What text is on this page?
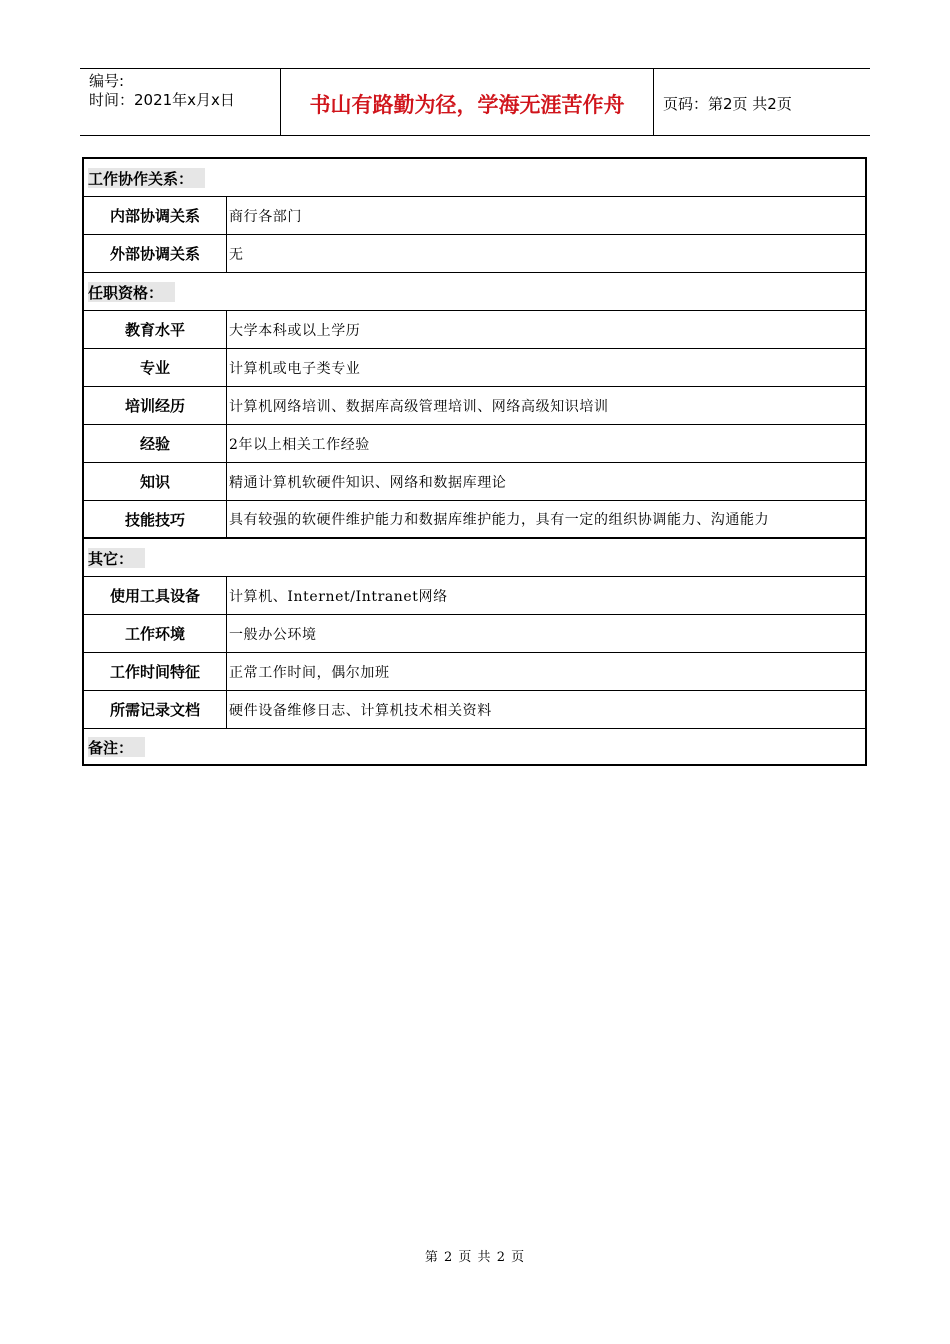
编号:
时间：2021年x月x日	书山有路勤为径，学海无涯苦作舟	页码：第2页 共2页
工作协作关系：
内部协调关系	商行各部门
外部协调关系	无
任职资格：
教育水平	大学本科或以上学历
专业	计算机或电子类专业
培训经历	计算机网络培训、数据库高级管理培训、网络高级知识培训
经验	2年以上相关工作经验
知识	精通计算机软硬件知识、网络和数据库理论
技能技巧	具有较强的软硬件维护能力和数据库维护能力，具有一定的组织协调能力、沟通能力
其它：
使用工具设备	计算机、Internet/Intranet网络
工作环境	一般办公环境
工作时间特征	正常工作时间，偶尔加班
所需记录文档	硬件设备维修日志、计算机技术相关资料
备注：
第 2 页 共 2 页
